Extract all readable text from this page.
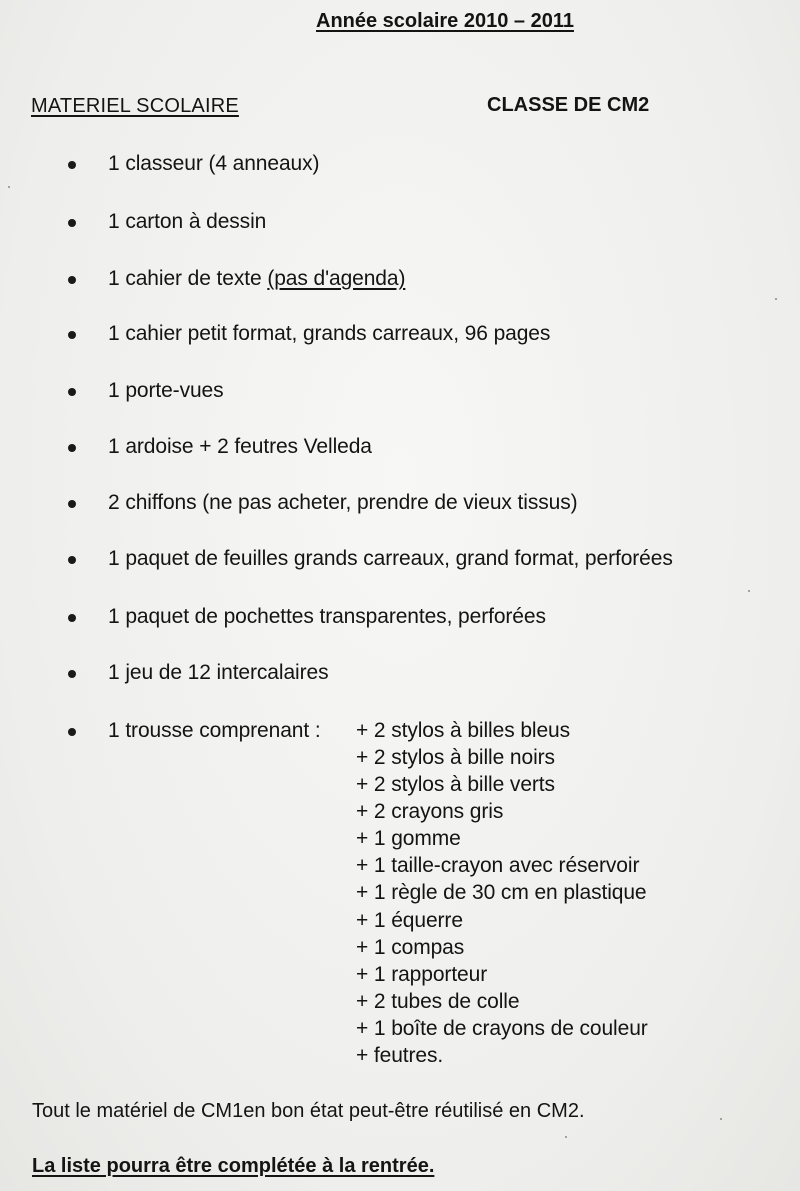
Année scolaire 2010 – 2011
MATERIEL SCOLAIRE	CLASSE DE CM2
1 classeur (4 anneaux)
1 carton à dessin
1 cahier de texte (pas d'agenda)
1 cahier petit format, grands carreaux, 96 pages
1 porte-vues
1 ardoise + 2 feutres Velleda
2 chiffons (ne pas acheter, prendre de vieux tissus)
1 paquet de feuilles grands carreaux, grand format, perforées
1 paquet de pochettes transparentes, perforées
1 jeu de 12 intercalaires
1 trousse comprenant : + 2 stylos à billes bleus
+ 2 stylos à bille noirs
+ 2 stylos à bille verts
+ 2 crayons gris
+ 1 gomme
+ 1 taille-crayon avec réservoir
+ 1 règle de 30 cm en plastique
+ 1 équerre
+ 1 compas
+ 1 rapporteur
+ 2 tubes de colle
+ 1 boîte de crayons de couleur
+ feutres.
Tout le matériel de CM1en bon état peut-être réutilisé en CM2.
La liste pourra être complétée à la rentrée.
